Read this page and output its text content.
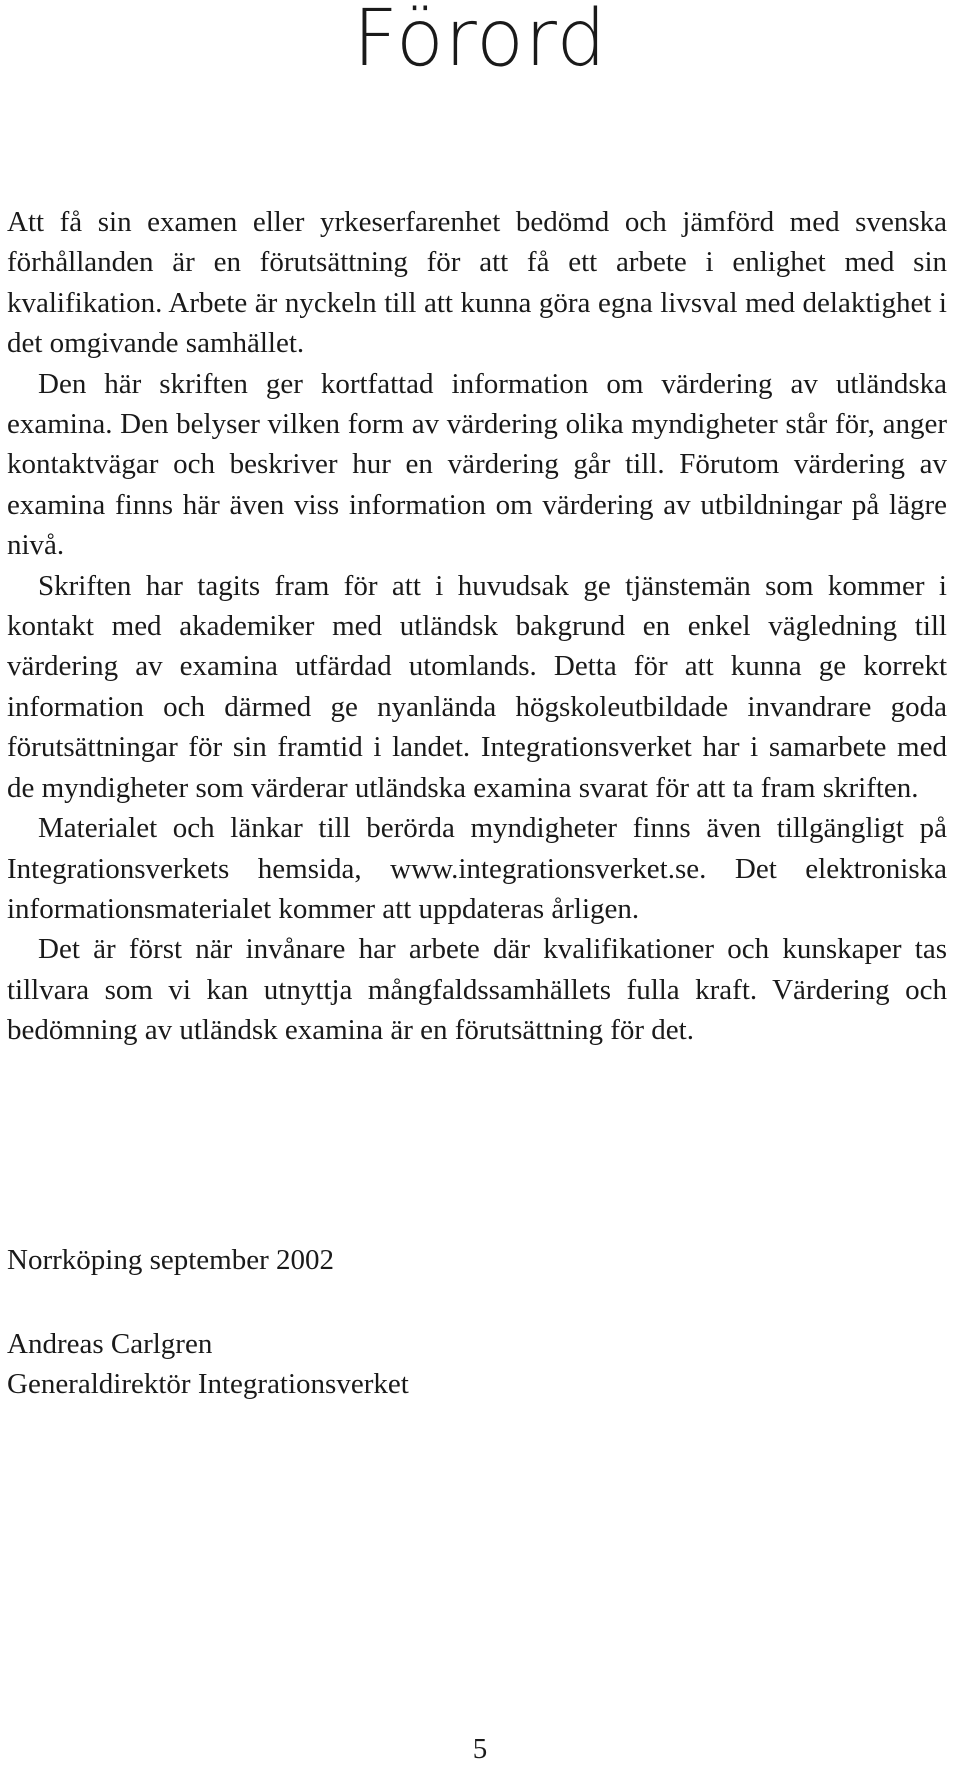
Förord

Att få sin examen eller yrkeserfarenhet bedömd och jämförd med svenska förhållanden är en förutsättning för att få ett arbete i enlighet med sin kvalifikation. Arbete är nyckeln till att kunna göra egna livsval med delaktighet i det omgivande samhället.

Den här skriften ger kortfattad information om värdering av utländska examina. Den belyser vilken form av värdering olika myndigheter står för, anger kontaktvägar och beskriver hur en värdering går till. Förutom värdering av examina finns här även viss information om värdering av utbildningar på lägre nivå.

Skriften har tagits fram för att i huvudsak ge tjänstemän som kommer i kontakt med akademiker med utländsk bakgrund en enkel vägledning till värdering av examina utfärdad utomlands. Detta för att kunna ge korrekt information och därmed ge nyanlända högskoleutbildade invandrare goda förutsättningar för sin framtid i landet. Integrationsverket har i samarbete med de myndigheter som värderar utländska examina svarat för att ta fram skriften.

Materialet och länkar till berörda myndigheter finns även tillgängligt på Integrationsverkets hemsida, www.integrationsverket.se. Det elektroniska informationsmaterialet kommer att uppdateras årligen.

Det är först när invånare har arbete där kvalifikationer och kunskaper tas tillvara som vi kan utnyttja mångfaldssamhällets fulla kraft. Värdering och bedömning av utländsk examina är en förutsättning för det.

Norrköping september 2002

Andreas Carlgren

Generaldirektör Integrationsverket

5
